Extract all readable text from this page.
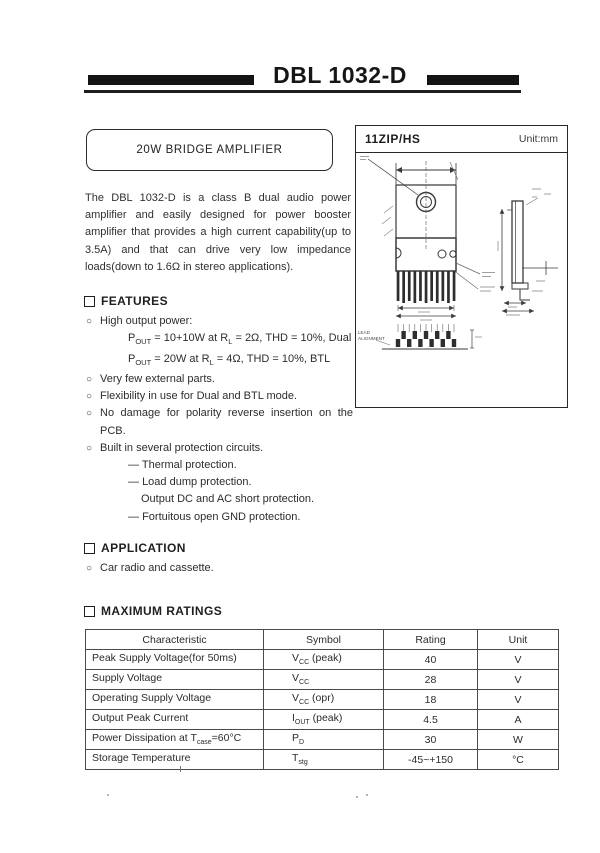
DBL 1032-D
20W BRIDGE AMPLIFIER

The DBL 1032-D is a class B dual audio power amplifier and easily designed for power booster amplifier that provides a high current capability(up to 3.5A) and that can drive very low impedance loads(down to 1.6Ω in stereo applications).

FEATURES
○ High output power:
$P_{OUT} = 10+10W$ at $R_L = 2\Omega$, THD = 10%, Dual
$P_{OUT} = 20W$ at $R_L = 4\Omega$, THD = 10%, BTL
○ Very few external parts.
○ Flexibility in use for Dual and BTL mode.
○ No damage for polarity reverse insertion on the PCB.
○ Built in several protection circuits.
— Thermal protection.
— Load dump protection.
Output DC and AC short protection.
— Fortuitous open GND protection.
APPLICATION
○ Car radio and cassette.
MAXIMUM RATINGS
Characteristic	Symbol	Rating	Unit
Peak Supply Voltage(for 50ms)	$V_{CC}$ (peak)	40	V
Supply Voltage	$V_{CC}$	28	V
Operating Supply Voltage	$V_{CC}$ (opr)	18	V
Output Peak Current	$I_{OUT}$ (peak)	4.5	A
Power Dissipation at $T_{case}=60^\circ C$	$P_D$	30	W
Storage Temperature	$T_{stg}$	-45~+150	°C
11ZIP/HS	Unit:mm
LEAD
ALIGNMENT
